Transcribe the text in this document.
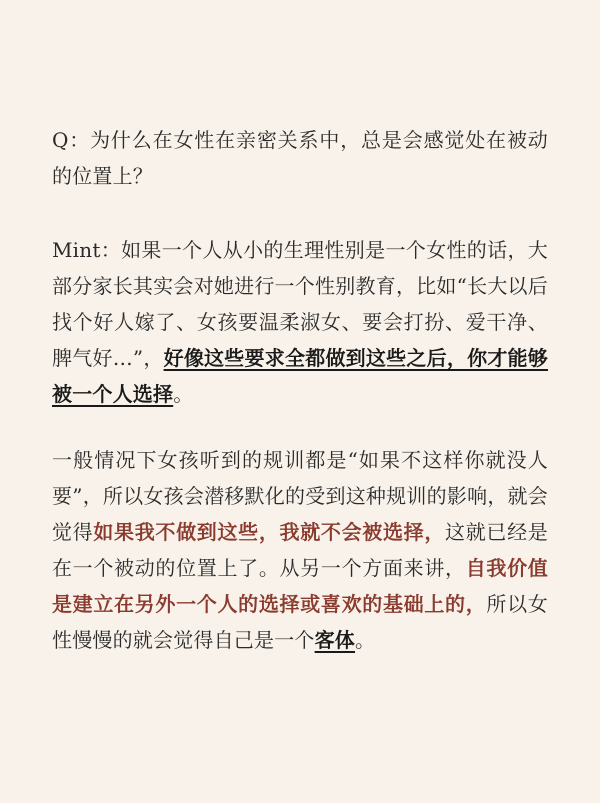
Q：为什么在女性在亲密关系中，总是会感觉处在被动的位置上？

Mint：如果一个人从小的生理性别是一个女性的话，大部分家长其实会对她进行一个性别教育，比如“长大以后找个好人嫁了、女孩要温柔淑女、要会打扮、爱干净、脾气好…”，好像这些要求全都做到这些之后，你才能够被一个人选择。

一般情况下女孩听到的规训都是“如果不这样你就没人要”，所以女孩会潜移默化的受到这种规训的影响，就会觉得如果我不做到这些，我就不会被选择，这就已经是在一个被动的位置上了。从另一个方面来讲，自我价值是建立在另外一个人的选择或喜欢的基础上的，所以女性慢慢的就会觉得自己是一个客体。
